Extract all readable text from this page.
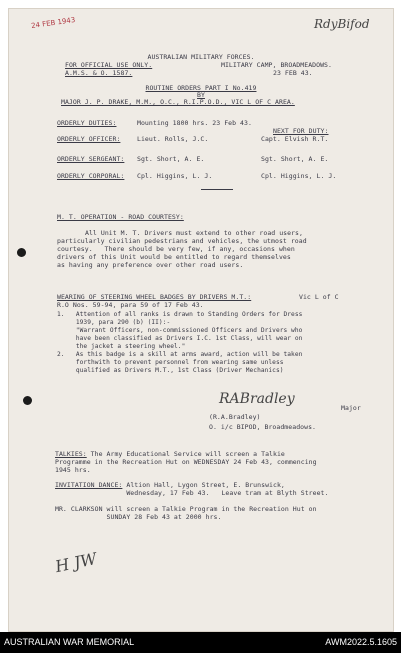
24 FEB 1943	RdyBifod
AUSTRALIAN MILITARY FORCES.
FOR OFFICIAL USE ONLY.	MILITARY CAMP, BROADMEADOWS.
A.M.S. & O. 1587.	23 FEB 43.
ROUTINE ORDERS PART I No.419
BY
MAJOR J. P. DRAKE, M.M., O.C., R.I.P.O.D., VIC L OF C AREA.
ORDERLY DUTIES:	Mounting 1800 hrs. 23 Feb 43.
NEXT FOR DUTY:
ORDERLY OFFICER:	Lieut. Rolls, J.C.	Capt. Elvish R.T.
ORDERLY SERGEANT: Sgt. Short, A. E.	Sgt. Short, A. E.
ORDERLY CORPORAL: Cpl. Higgins, L. J.	Cpl. Higgins, L. J.
M. T. OPERATION - ROAD COURTESY:
All Unit M. T. Drivers must extend to other road users,
particularly civilian pedestrians and vehicles, the utmost road
courtesy.   There should be very few, if any, occasions when
drivers of this Unit would be entitled to regard themselves
as having any preference over other road users.
WEARING OF STEERING WHEEL BADGES BY DRIVERS M.T.:	Vic L of C
R.O Nos. 59-94, para 59 of 17 Feb 43.
1.   Attention of all ranks is drawn to Standing Orders for Dress
1939, para 290 (b) (II):-
"Warrant Officers, non-commissioned Officers and Drivers who
have been classified as Drivers I.C. 1st Class, will wear on
the jacket a steering wheel."
2.   As this badge is a skill at arms award, action will be taken
forthwith to prevent personnel from wearing same unless
qualified as Drivers M.T., 1st Class (Driver Mechanics)
RABradley
Major
(R.A.Bradley)
O. i/c BIPOD, Broadmeadows.
TALKIES: The Army Educational Service will screen a Talkie
Programme in the Recreation Hut on WEDNESDAY 24 Feb 43, commencing
1945 hrs.
INVITATION DANCE: Altion Hall, Lygon Street, E. Brunswick,
Wednesday, 17 Feb 43.   Leave tram at Blyth Street.
MR. CLARKSON will screen a Talkie Program in the Recreation Hut on
SUNDAY 28 Feb 43 at 2000 hrs.
H JW
AUSTRALIAN WAR MEMORIAL	AWM2022.5.1605
